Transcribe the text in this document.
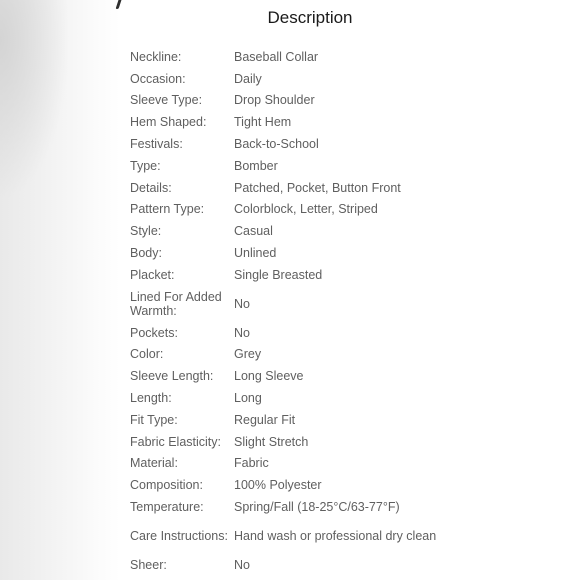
Description
Neckline:	Baseball Collar
Occasion:	Daily
Sleeve Type:	Drop Shoulder
Hem Shaped:	Tight Hem
Festivals:	Back-to-School
Type:	Bomber
Details:	Patched, Pocket, Button Front
Pattern Type:	Colorblock, Letter, Striped
Style:	Casual
Body:	Unlined
Placket:	Single Breasted
Lined For Added Warmth:	No
Pockets:	No
Color:	Grey
Sleeve Length:	Long Sleeve
Length:	Long
Fit Type:	Regular Fit
Fabric Elasticity:	Slight Stretch
Material:	Fabric
Composition:	100% Polyester
Temperature:	Spring/Fall (18-25°C/63-77°F)
Care Instructions: Hand wash or professional dry clean
Sheer:	No
